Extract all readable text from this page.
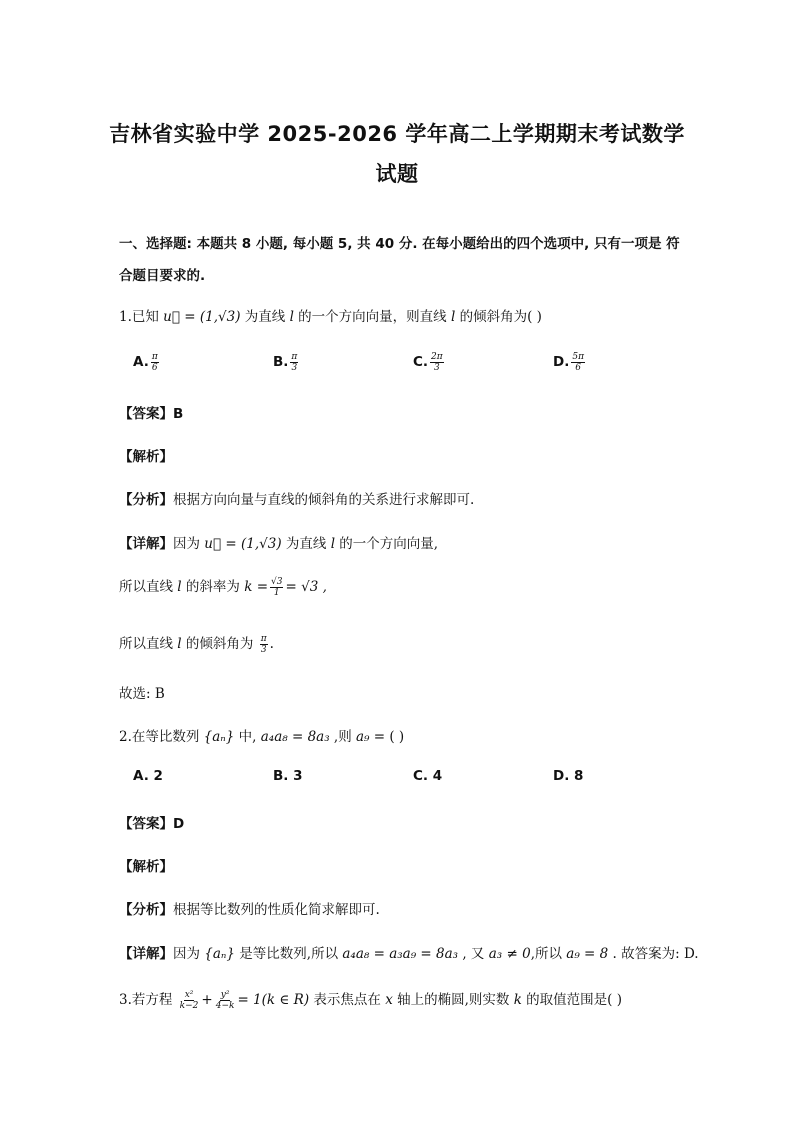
吉林省实验中学 2025-2026 学年高二上学期期末考试数学
试题
一、选择题: 本题共 8 小题, 每小题 5, 共 40 分. 在每小题给出的四个选项中, 只有一项是 符
合题目要求的.
1.已知 u⃗ = (1,√3) 为直线 l 的一个方向向量，则直线 l 的倾斜角为( )
A. $\frac{\pi}{6}$	B. $\frac{\pi}{3}$	C. $\frac{2\pi}{3}$	D. $\frac{5\pi}{6}$
【答案】B
【解析】
【分析】根据方向向量与直线的倾斜角的关系进行求解即可.
【详解】因为 u⃗ = (1,√3) 为直线 l 的一个方向向量,
所以直线 l 的斜率为 $k = \frac{√3}{1} = √3$ ,
所以直线 l 的倾斜角为 $\frac{\pi}{3}$ .
故选: B
2.在等比数列 {aₙ} 中, a₄a₈ = 8a₃ ,则 a₉ = ( )
A. 2	B. 3	C. 4	D. 8
【答案】D
【解析】
【分析】根据等比数列的性质化简求解即可.
【详解】因为 {aₙ} 是等比数列,所以 a₄a₈ = a₃a₉ = 8a₃ , 又 a₃ ≠ 0,所以 a₉ = 8 . 故答案为: D.
3.若方程 $\frac{\text{x²}}{k-2} + \frac{\text{y²}}{4-k} = 1(k$ ∈ R) 表示焦点在 x 轴上的椭圆,则实数 k 的取值范围是( )
